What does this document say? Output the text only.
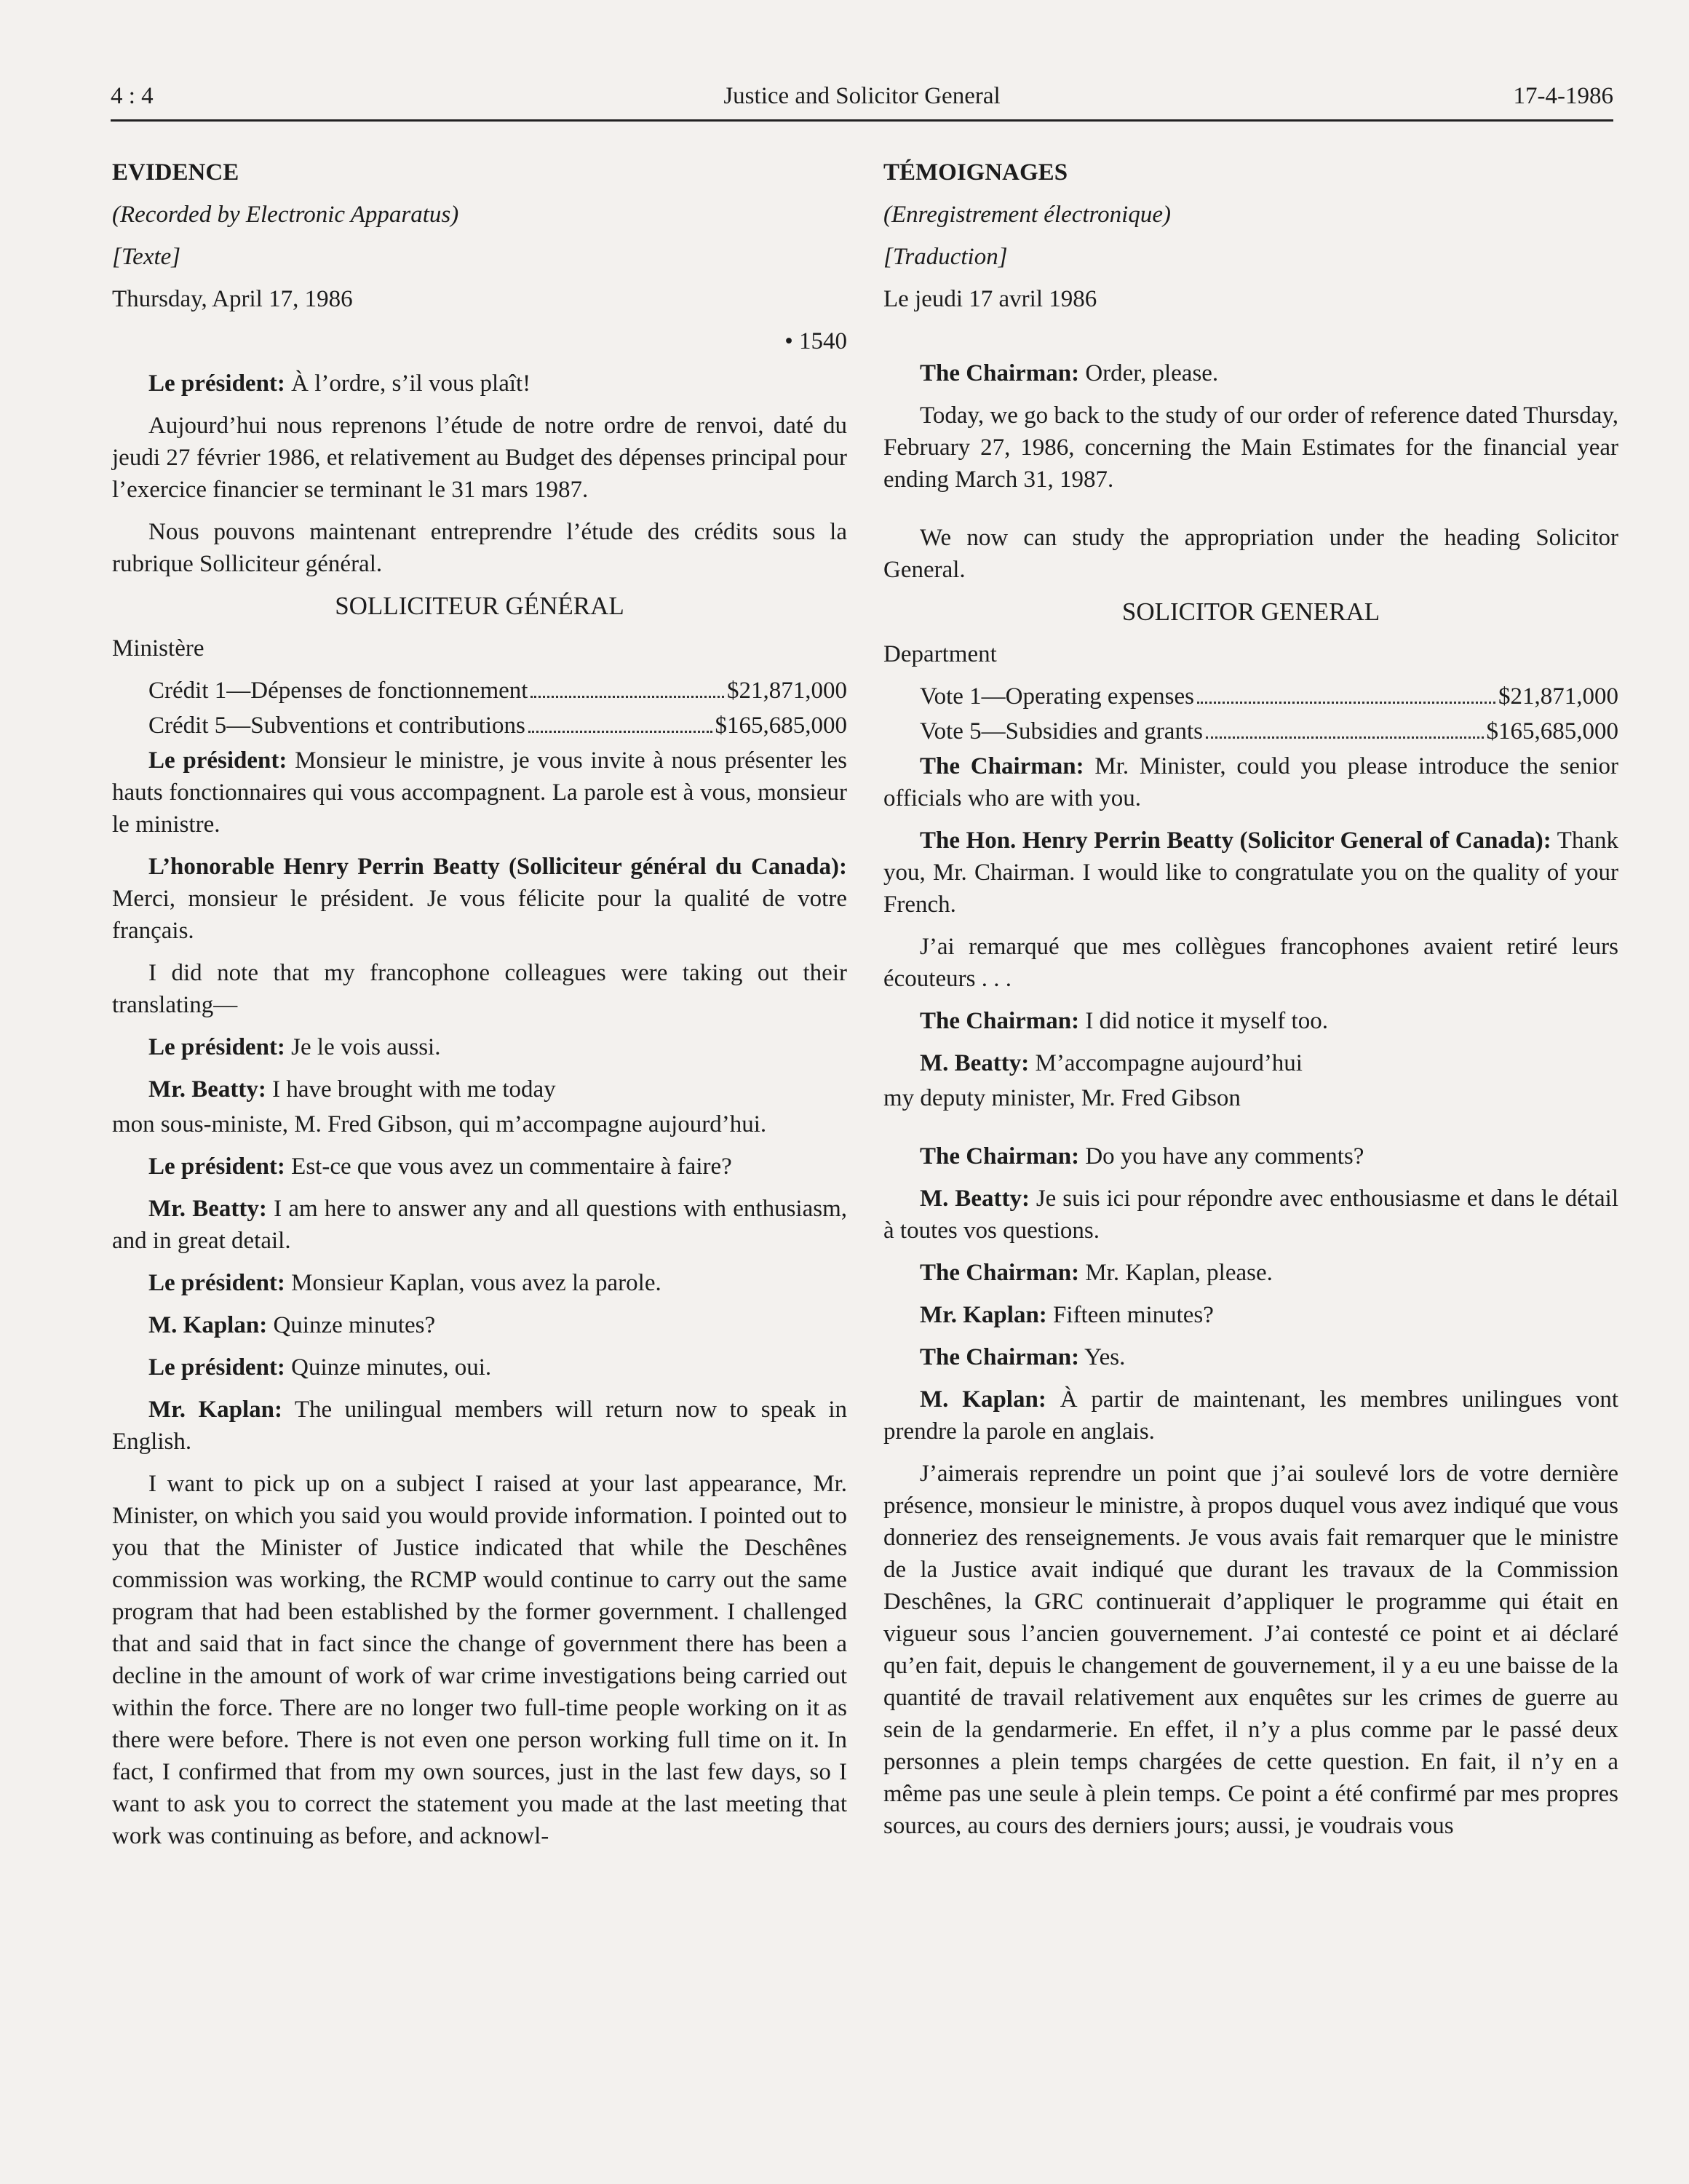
4 : 4	Justice and Solicitor General	17-4-1986

EVIDENCE

(Recorded by Electronic Apparatus)

[Texte]

Thursday, April 17, 1986

• 1540

Le président: À l’ordre, s’il vous plaît!

Aujourd’hui nous reprenons l’étude de notre ordre de renvoi, daté du jeudi 27 février 1986, et relativement au Budget des dépenses principal pour l’exercice financier se terminant le 31 mars 1987.

Nous pouvons maintenant entreprendre l’étude des crédits sous la rubrique Solliciteur général.

SOLLICITEUR GÉNÉRAL

Ministère

Crédit 1—Dépenses de fonctionnement	$21,871,000
Crédit 5—Subventions et contributions	$165,685,000

Le président: Monsieur le ministre, je vous invite à nous présenter les hauts fonctionnaires qui vous accompagnent. La parole est à vous, monsieur le ministre.

L’honorable Henry Perrin Beatty (Solliciteur général du Canada): Merci, monsieur le président. Je vous félicite pour la qualité de votre français.

I did note that my francophone colleagues were taking out their translating—

Le président: Je le vois aussi.

Mr. Beatty: I have brought with me today

mon sous-ministe, M. Fred Gibson, qui m’accompagne aujourd’hui.

Le président: Est-ce que vous avez un commentaire à faire?

Mr. Beatty: I am here to answer any and all questions with enthusiasm, and in great detail.

Le président: Monsieur Kaplan, vous avez la parole.

M. Kaplan: Quinze minutes?

Le président: Quinze minutes, oui.

Mr. Kaplan: The unilingual members will return now to speak in English.

I want to pick up on a subject I raised at your last appearance, Mr. Minister, on which you said you would provide information. I pointed out to you that the Minister of Justice indicated that while the Deschênes commission was working, the RCMP would continue to carry out the same program that had been established by the former government. I challenged that and said that in fact since the change of government there has been a decline in the amount of work of war crime investigations being carried out within the force. There are no longer two full-time people working on it as there were before. There is not even one person working full time on it. In fact, I confirmed that from my own sources, just in the last few days, so I want to ask you to correct the statement you made at the last meeting that work was continuing as before, and acknowl-

TÉMOIGNAGES

(Enregistrement électronique)

[Traduction]

Le jeudi 17 avril 1986

The Chairman: Order, please.

Today, we go back to the study of our order of reference dated Thursday, February 27, 1986, concerning the Main Estimates for the financial year ending March 31, 1987.

We now can study the appropriation under the heading Solicitor General.

SOLICITOR GENERAL

Department

Vote 1—Operating expenses	$21,871,000
Vote 5—Subsidies and grants	$165,685,000

The Chairman: Mr. Minister, could you please introduce the senior officials who are with you.

The Hon. Henry Perrin Beatty (Solicitor General of Canada): Thank you, Mr. Chairman. I would like to congratulate you on the quality of your French.

J’ai remarqué que mes collègues francophones avaient retiré leurs écouteurs . . .

The Chairman: I did notice it myself too.

M. Beatty: M’accompagne aujourd’hui

my deputy minister, Mr. Fred Gibson

The Chairman: Do you have any comments?

M. Beatty: Je suis ici pour répondre avec enthousiasme et dans le détail à toutes vos questions.

The Chairman: Mr. Kaplan, please.

Mr. Kaplan: Fifteen minutes?

The Chairman: Yes.

M. Kaplan: À partir de maintenant, les membres unilingues vont prendre la parole en anglais.

J’aimerais reprendre un point que j’ai soulevé lors de votre dernière présence, monsieur le ministre, à propos duquel vous avez indiqué que vous donneriez des renseignements. Je vous avais fait remarquer que le ministre de la Justice avait indiqué que durant les travaux de la Commission Deschênes, la GRC continuerait d’appliquer le programme qui était en vigueur sous l’ancien gouvernement. J’ai contesté ce point et ai déclaré qu’en fait, depuis le changement de gouvernement, il y a eu une baisse de la quantité de travail relativement aux enquêtes sur les crimes de guerre au sein de la gendarmerie. En effet, il n’y a plus comme par le passé deux personnes a plein temps chargées de cette question. En fait, il n’y en a même pas une seule à plein temps. Ce point a été confirmé par mes propres sources, au cours des derniers jours; aussi, je voudrais vous
